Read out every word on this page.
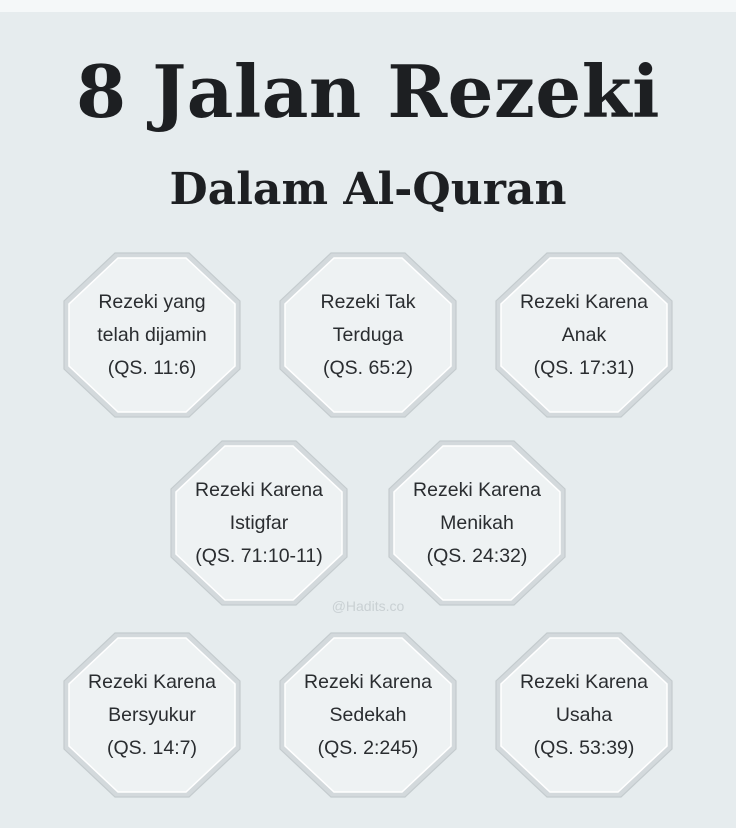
8 Jalan Rezeki
Dalam Al-Quran
Rezeki yang
telah dijamin
(QS. 11:6)
Rezeki Tak
Terduga
(QS. 65:2)
Rezeki Karena
Anak
(QS. 17:31)
Rezeki Karena
Istigfar
(QS. 71:10-11)
Rezeki Karena
Menikah
(QS. 24:32)
@Hadits.co
Rezeki Karena
Bersyukur
(QS. 14:7)
Rezeki Karena
Sedekah
(QS. 2:245)
Rezeki Karena
Usaha
(QS. 53:39)
